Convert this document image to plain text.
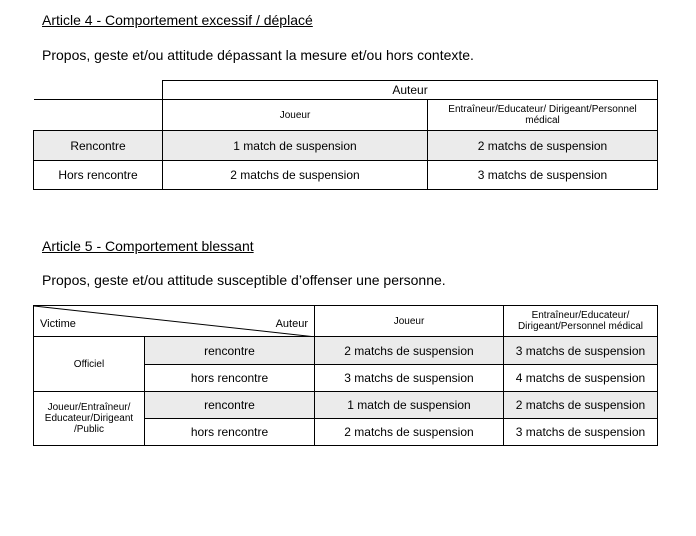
Article 4 - Comportement excessif / déplacé
Propos, geste et/ou attitude dépassant la mesure et/ou hors contexte.
	Auteur	
	Joueur	Entraîneur/Educateur/ Dirigeant/Personnel médical
Rencontre	1 match de suspension	2 matchs de suspension
Hors rencontre	2 matchs de suspension	3 matchs de suspension
Article 5 - Comportement blessant
Propos, geste et/ou attitude susceptible d’offenser une personne.
Victime Auteur		Joueur	Entraîneur/Educateur/ Dirigeant/Personnel médical
Officiel	rencontre	2 matchs de suspension	3 matchs de suspension
	hors rencontre	3 matchs de suspension	4 matchs de suspension
Joueur/Entraîneur/ Educateur/Dirigeant /Public	rencontre	1 match de suspension	2 matchs de suspension
	hors rencontre	2 matchs de suspension	3 matchs de suspension
